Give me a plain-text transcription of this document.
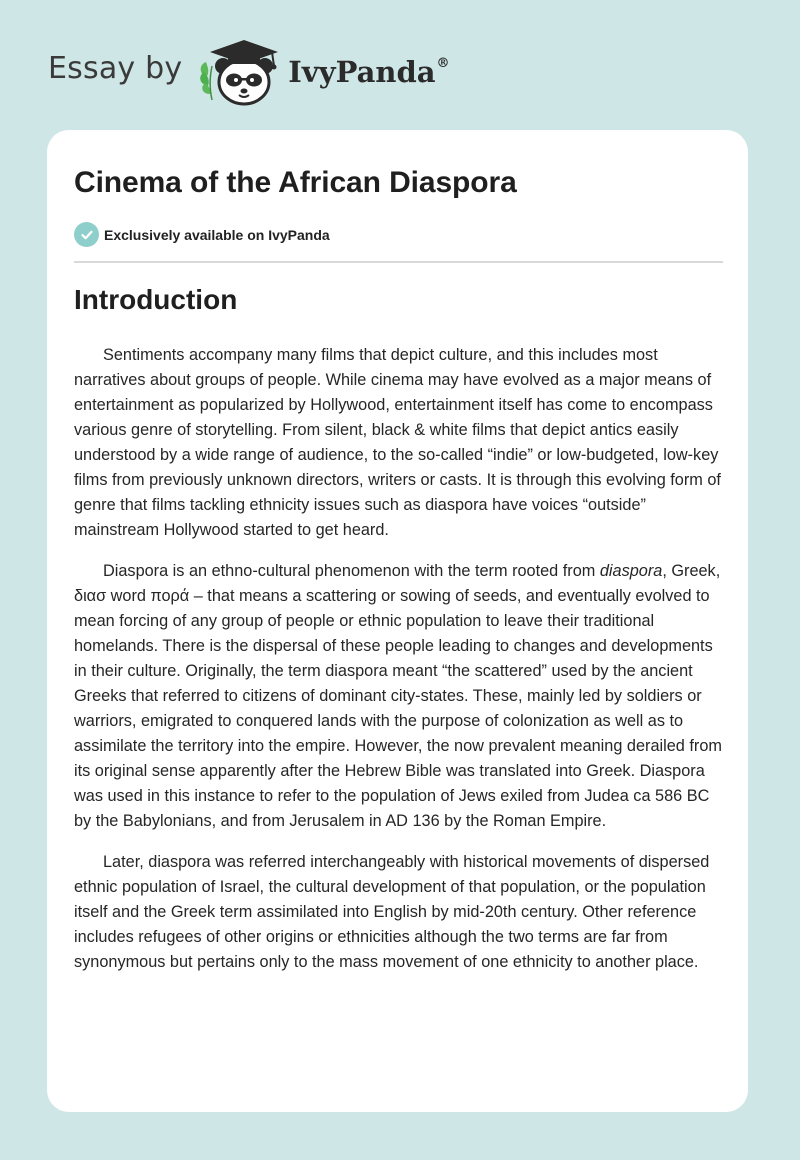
Essay by	IvyPanda®
Cinema of the African Diaspora
Exclusively available on IvyPanda
Introduction

Sentiments accompany many films that depict culture, and this includes most narratives about groups of people. While cinema may have evolved as a major means of entertainment as popularized by Hollywood, entertainment itself has come to encompass various genre of storytelling. From silent, black & white films that depict antics easily understood by a wide range of audience, to the so-called “indie” or low-budgeted, low-key films from previously unknown directors, writers or casts. It is through this evolving form of genre that films tackling ethnicity issues such as diaspora have voices “outside” mainstream Hollywood started to get heard.

Diaspora is an ethno-cultural phenomenon with the term rooted from diaspora, Greek, διασ word πορά – that means a scattering or sowing of seeds, and eventually evolved to mean forcing of any group of people or ethnic population to leave their traditional homelands. There is the dispersal of these people leading to changes and developments in their culture. Originally, the term diaspora meant “the scattered” used by the ancient Greeks that referred to citizens of dominant city-states. These, mainly led by soldiers or warriors, emigrated to conquered lands with the purpose of colonization as well as to assimilate the territory into the empire. However, the now prevalent meaning derailed from its original sense apparently after the Hebrew Bible was translated into Greek. Diaspora was used in this instance to refer to the population of Jews exiled from Judea ca 586 BC by the Babylonians, and from Jerusalem in AD 136 by the Roman Empire.

Later, diaspora was referred interchangeably with historical movements of dispersed ethnic population of Israel, the cultural development of that population, or the population itself and the Greek term assimilated into English by mid-20th century. Other reference includes refugees of other origins or ethnicities although the two terms are far from synonymous but pertains only to the mass movement of one ethnicity to another place.
